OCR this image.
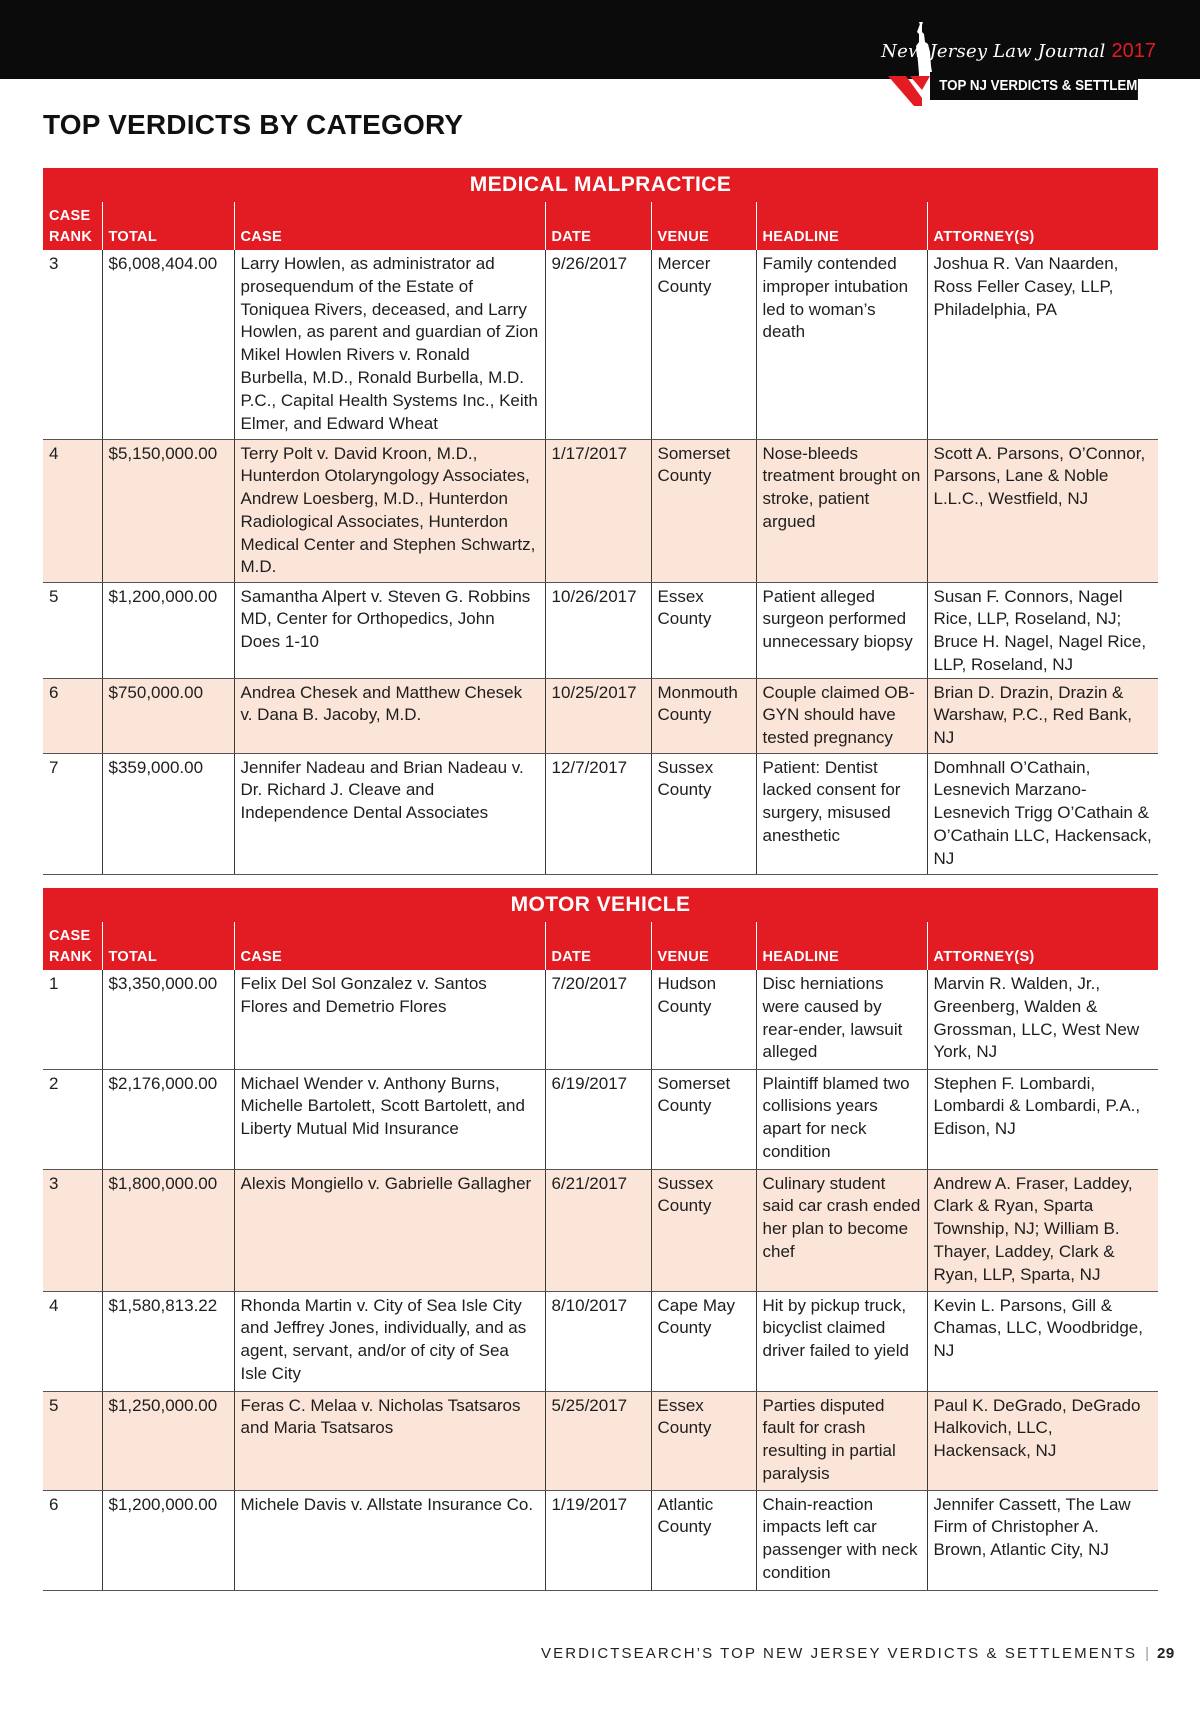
New Jersey Law Journal 2017
TOP NJ VERDICTS & SETTLEMENTS
TOP VERDICTS BY CATEGORY
MEDICAL MALPRACTICE
CASE RANK	TOTAL	CASE	DATE	VENUE	HEADLINE	ATTORNEY(S)
3	$6,008,404.00	Larry Howlen, as administrator ad prosequendum of the Estate of Toniquea Rivers, deceased, and Larry Howlen, as parent and guardian of Zion Mikel Howlen Rivers v. Ronald Burbella, M.D., Ronald Burbella, M.D. P.C., Capital Health Systems Inc., Keith Elmer, and Edward Wheat	9/26/2017	Mercer County	Family contended improper intubation led to woman’s death	Joshua R. Van Naarden, Ross Feller Casey, LLP, Philadelphia, PA
4	$5,150,000.00	Terry Polt v. David Kroon, M.D., Hunterdon Otolaryngology Associates, Andrew Loesberg, M.D., Hunterdon Radiological Associates, Hunterdon Medical Center and Stephen Schwartz, M.D.	1/17/2017	Somerset County	Nose-bleeds treatment brought on stroke, patient argued	Scott A. Parsons, O’Connor, Parsons, Lane & Noble L.L.C., Westfield, NJ
5	$1,200,000.00	Samantha Alpert v. Steven G. Robbins MD, Center for Orthopedics, John Does 1-10	10/26/2017	Essex County	Patient alleged surgeon performed unnecessary biopsy	Susan F. Connors, Nagel Rice, LLP, Roseland, NJ; Bruce H. Nagel, Nagel Rice, LLP, Roseland, NJ
6	$750,000.00	Andrea Chesek and Matthew Chesek v. Dana B. Jacoby, M.D.	10/25/2017	Monmouth County	Couple claimed OB-GYN should have tested pregnancy	Brian D. Drazin, Drazin & Warshaw, P.C., Red Bank, NJ
7	$359,000.00	Jennifer Nadeau and Brian Nadeau v. Dr. Richard J. Cleave and Independence Dental Associates	12/7/2017	Sussex County	Patient: Dentist lacked consent for surgery, misused anesthetic	Domhnall O’Cathain, Lesnevich Marzano-Lesnevich Trigg O’Cathain & O’Cathain LLC, Hackensack, NJ
MOTOR VEHICLE
CASE RANK	TOTAL	CASE	DATE	VENUE	HEADLINE	ATTORNEY(S)
1	$3,350,000.00	Felix Del Sol Gonzalez v. Santos Flores and Demetrio Flores	7/20/2017	Hudson County	Disc herniations were caused by rear-ender, lawsuit alleged	Marvin R. Walden, Jr., Greenberg, Walden & Grossman, LLC, West New York, NJ
2	$2,176,000.00	Michael Wender v. Anthony Burns, Michelle Bartolett, Scott Bartolett, and Liberty Mutual Mid Insurance	6/19/2017	Somerset County	Plaintiff blamed two collisions years apart for neck condition	Stephen F. Lombardi, Lombardi & Lombardi, P.A., Edison, NJ
3	$1,800,000.00	Alexis Mongiello v. Gabrielle Gallagher	6/21/2017	Sussex County	Culinary student said car crash ended her plan to become chef	Andrew A. Fraser, Laddey, Clark & Ryan, Sparta Township, NJ; William B. Thayer, Laddey, Clark & Ryan, LLP, Sparta, NJ
4	$1,580,813.22	Rhonda Martin v. City of Sea Isle City and Jeffrey Jones, individually, and as agent, servant, and/or of city of Sea Isle City	8/10/2017	Cape May County	Hit by pickup truck, bicyclist claimed driver failed to yield	Kevin L. Parsons, Gill & Chamas, LLC, Woodbridge, NJ
5	$1,250,000.00	Feras C. Melaa v. Nicholas Tsatsaros and Maria Tsatsaros	5/25/2017	Essex County	Parties disputed fault for crash resulting in partial paralysis	Paul K. DeGrado, DeGrado Halkovich, LLC, Hackensack, NJ
6	$1,200,000.00	Michele Davis v. Allstate Insurance Co.	1/19/2017	Atlantic County	Chain-reaction impacts left car passenger with neck condition	Jennifer Cassett, The Law Firm of Christopher A. Brown, Atlantic City, NJ
VERDICTSEARCH’S TOP NEW JERSEY VERDICTS & SETTLEMENTS | 29
